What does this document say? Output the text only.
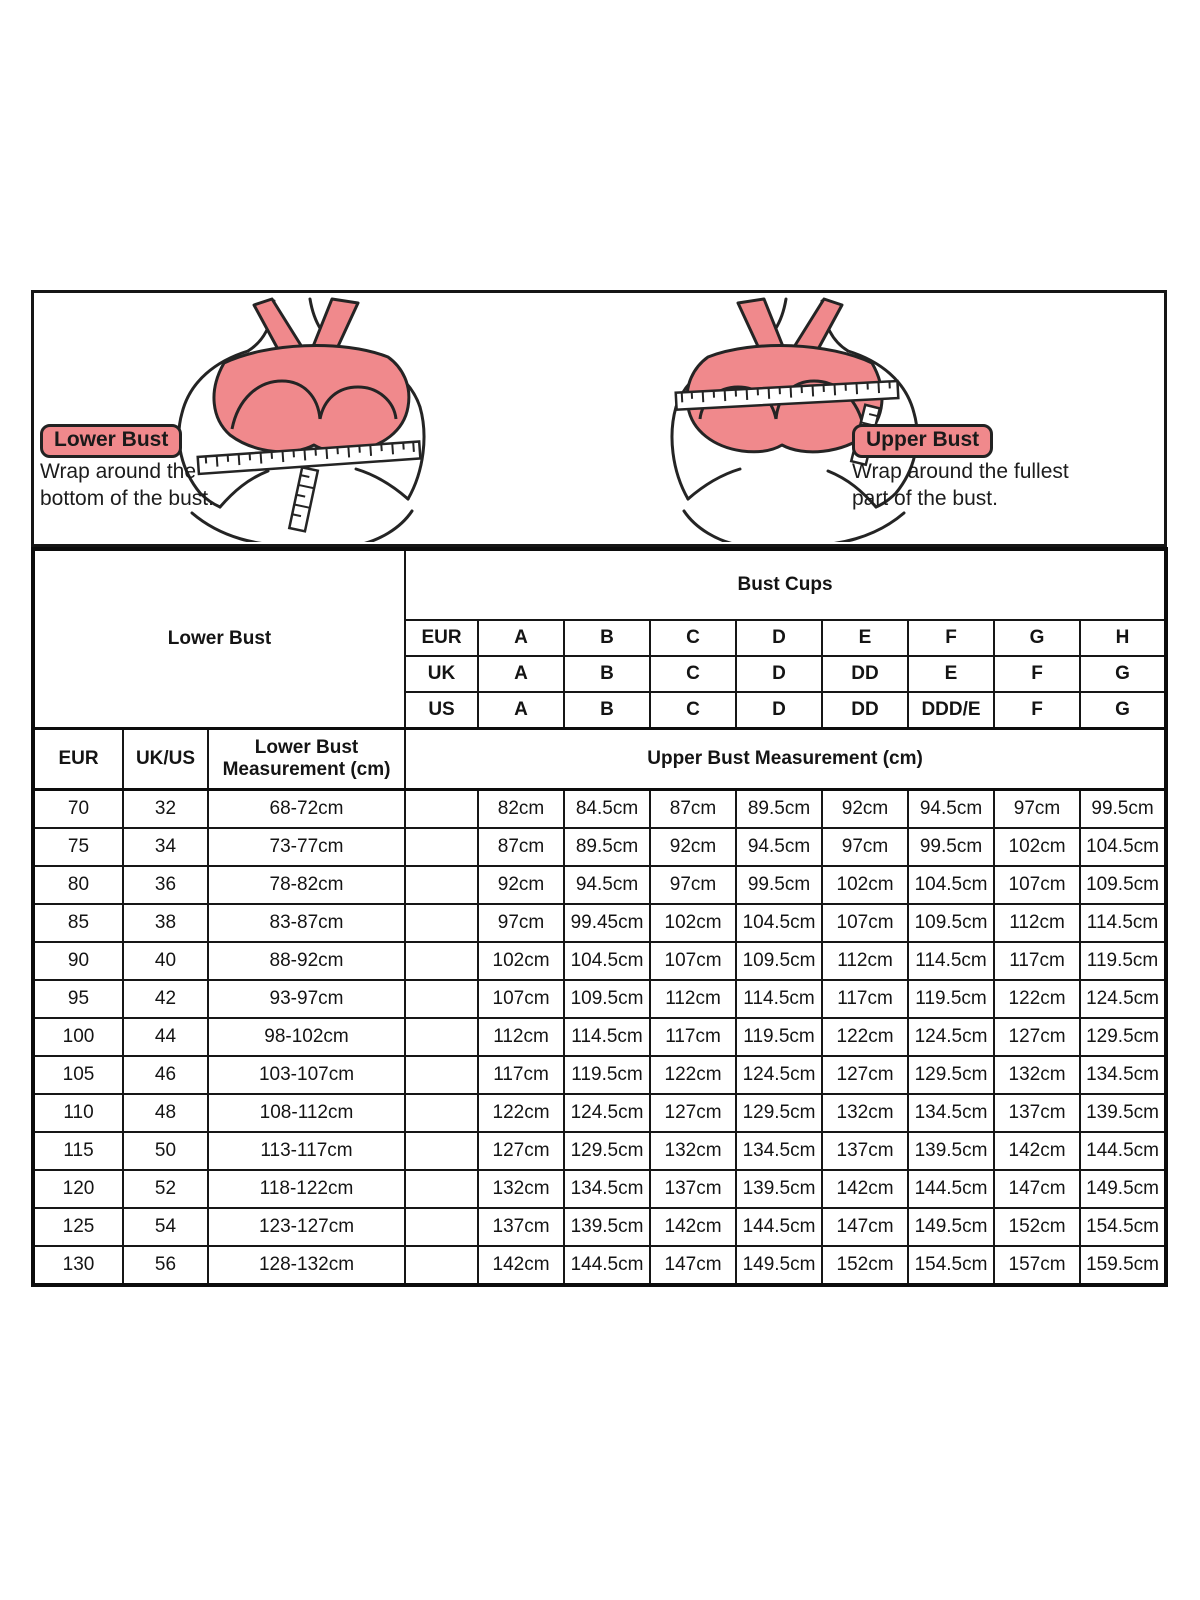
Lower Bust
Wrap around the
bottom of the bust.
Upper Bust
Wrap around the fullest
part of the bust.
Lower Bust			Bust Cups								
			EUR	A	B	C	D	E	F	G	H
			UK	A	B	C	D	DD	E	F	G
			US	A	B	C	D	DD	DDD/E	F	G
EUR	UK/US	Lower Bust Measurement (cm)	Upper Bust Measurement (cm)								
70	32	68-72cm		82cm	84.5cm	87cm	89.5cm	92cm	94.5cm	97cm	99.5cm
75	34	73-77cm		87cm	89.5cm	92cm	94.5cm	97cm	99.5cm	102cm	104.5cm
80	36	78-82cm		92cm	94.5cm	97cm	99.5cm	102cm	104.5cm	107cm	109.5cm
85	38	83-87cm		97cm	99.45cm	102cm	104.5cm	107cm	109.5cm	112cm	114.5cm
90	40	88-92cm		102cm	104.5cm	107cm	109.5cm	112cm	114.5cm	117cm	119.5cm
95	42	93-97cm		107cm	109.5cm	112cm	114.5cm	117cm	119.5cm	122cm	124.5cm
100	44	98-102cm		112cm	114.5cm	117cm	119.5cm	122cm	124.5cm	127cm	129.5cm
105	46	103-107cm		117cm	119.5cm	122cm	124.5cm	127cm	129.5cm	132cm	134.5cm
110	48	108-112cm		122cm	124.5cm	127cm	129.5cm	132cm	134.5cm	137cm	139.5cm
115	50	113-117cm		127cm	129.5cm	132cm	134.5cm	137cm	139.5cm	142cm	144.5cm
120	52	118-122cm		132cm	134.5cm	137cm	139.5cm	142cm	144.5cm	147cm	149.5cm
125	54	123-127cm		137cm	139.5cm	142cm	144.5cm	147cm	149.5cm	152cm	154.5cm
130	56	128-132cm		142cm	144.5cm	147cm	149.5cm	152cm	154.5cm	157cm	159.5cm
